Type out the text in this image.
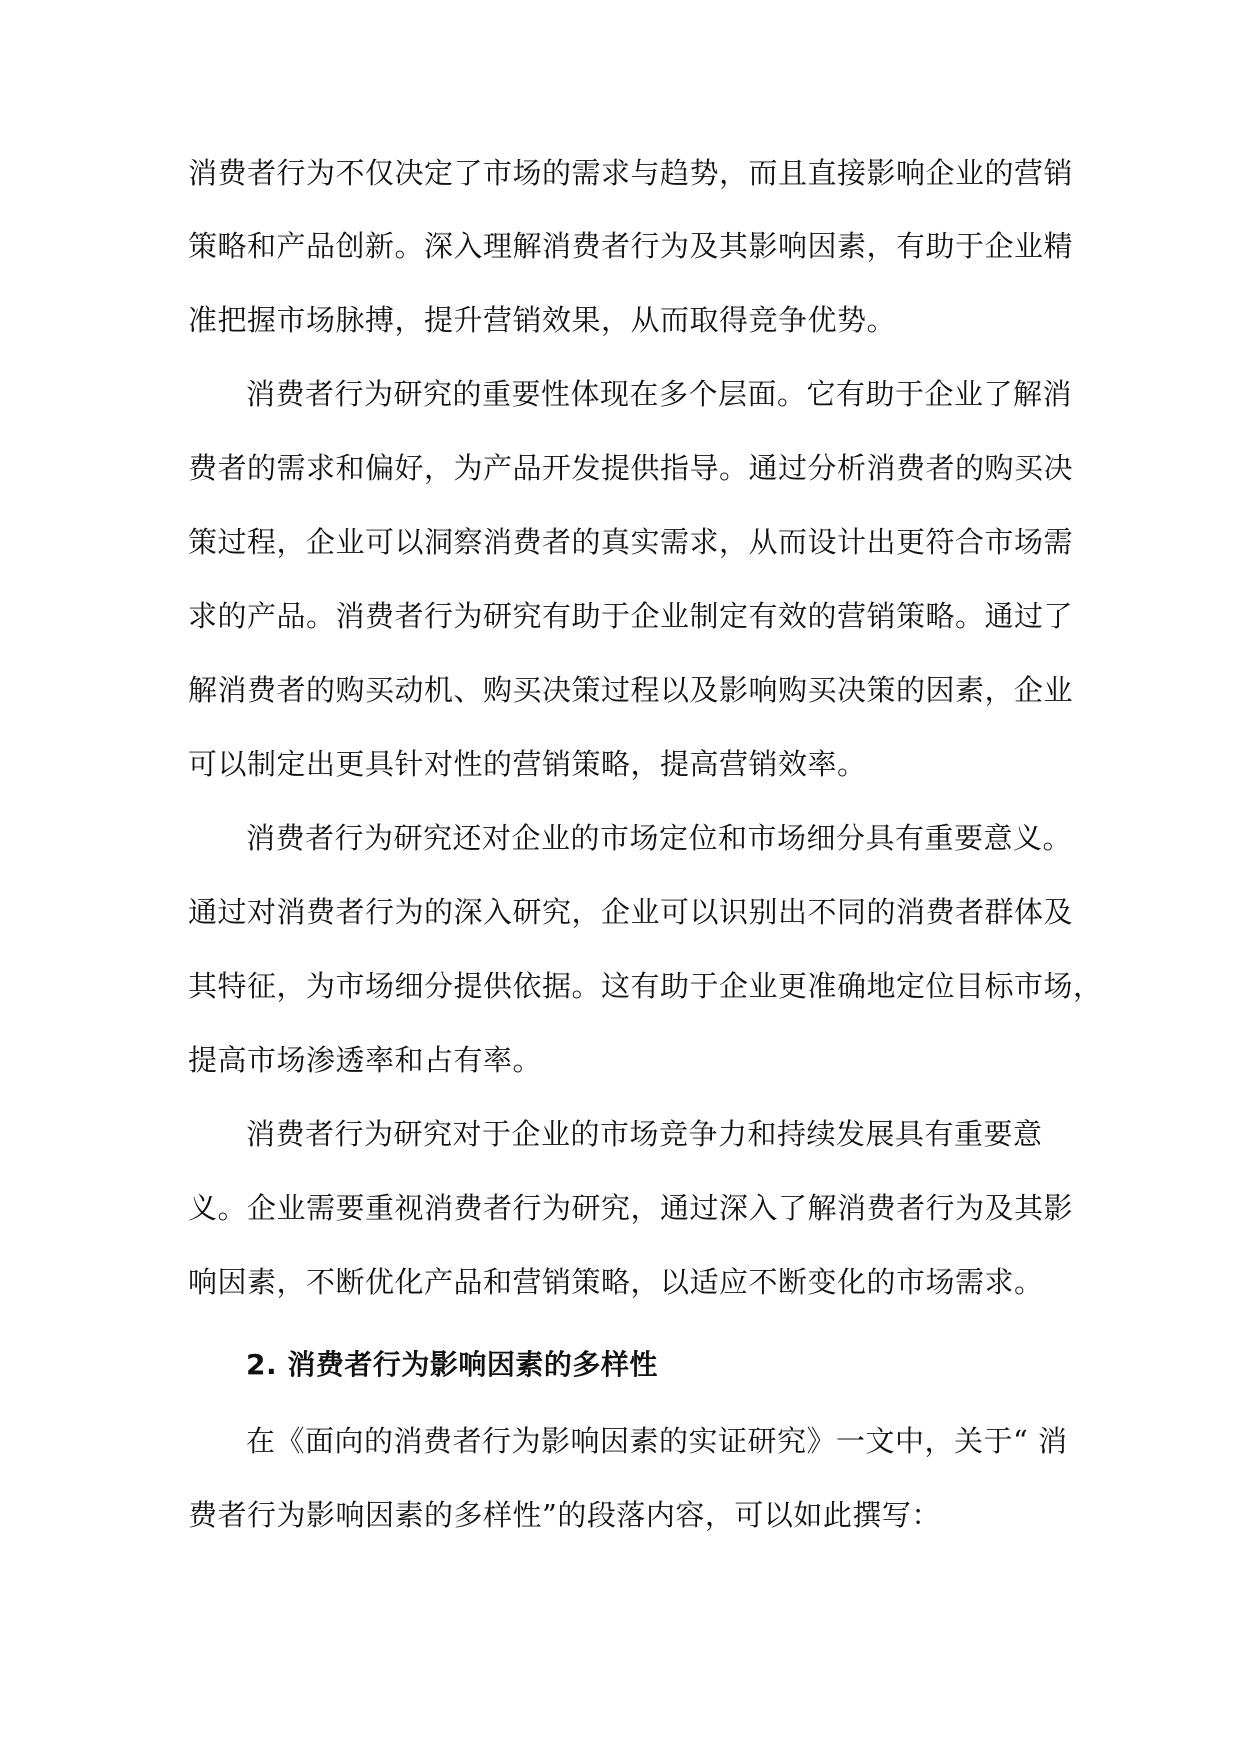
消费者行为不仅决定了市场的需求与趋势，而且直接影响企业的营销
策略和产品创新。深入理解消费者行为及其影响因素，有助于企业精
准把握市场脉搏，提升营销效果，从而取得竞争优势。
消费者行为研究的重要性体现在多个层面。它有助于企业了解消
费者的需求和偏好，为产品开发提供指导。通过分析消费者的购买决
策过程，企业可以洞察消费者的真实需求，从而设计出更符合市场需
求的产品。消费者行为研究有助于企业制定有效的营销策略。通过了
解消费者的购买动机、购买决策过程以及影响购买决策的因素，企业
可以制定出更具针对性的营销策略，提高营销效率。
消费者行为研究还对企业的市场定位和市场细分具有重要意义。
通过对消费者行为的深入研究，企业可以识别出不同的消费者群体及
其特征，为市场细分提供依据。这有助于企业更准确地定位目标市场，
提高市场渗透率和占有率。
消费者行为研究对于企业的市场竞争力和持续发展具有重要意
义。企业需要重视消费者行为研究，通过深入了解消费者行为及其影
响因素，不断优化产品和营销策略，以适应不断变化的市场需求。
2. 消费者行为影响因素的多样性
在《面向的消费者行为影响因素的实证研究》一文中，关于“ 消
费者行为影响因素的多样性”的段落内容，可以如此撰写：
